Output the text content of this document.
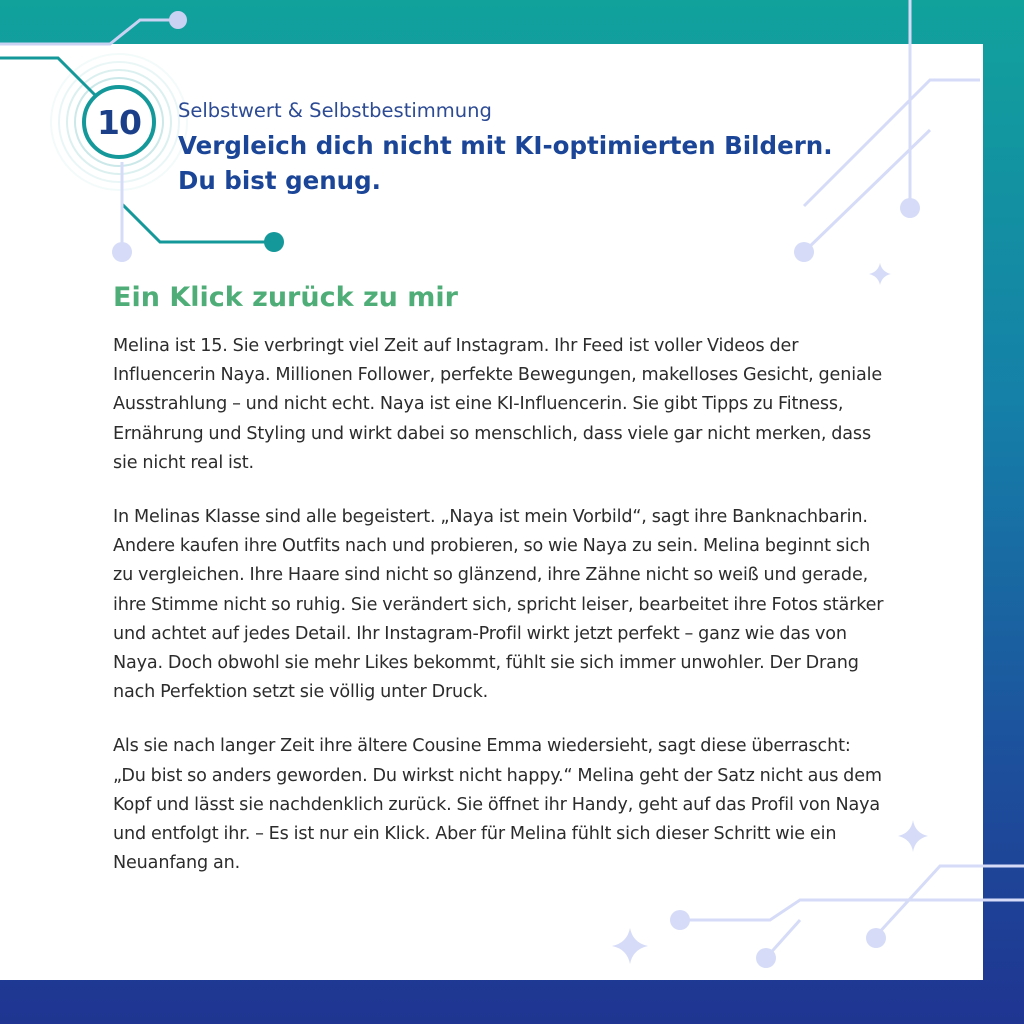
10	Selbstwert & Selbstbestimmung
Vergleich dich nicht mit KI-optimierten Bildern.
Du bist genug.
Ein Klick zurück zu mir

Melina ist 15. Sie verbringt viel Zeit auf Instagram. Ihr Feed ist voller Videos der Influencerin Naya. Millionen Follower, perfekte Bewegungen, makelloses Gesicht, geniale Ausstrahlung – und nicht echt. Naya ist eine KI-Influencerin. Sie gibt Tipps zu Fitness, Ernährung und Styling und wirkt dabei so menschlich, dass viele gar nicht merken, dass sie nicht real ist.

In Melinas Klasse sind alle begeistert. „Naya ist mein Vorbild“, sagt ihre Banknachbarin. Andere kaufen ihre Outfits nach und probieren, so wie Naya zu sein. Melina beginnt sich zu vergleichen. Ihre Haare sind nicht so glänzend, ihre Zähne nicht so weiß und gerade, ihre Stimme nicht so ruhig. Sie verändert sich, spricht leiser, bearbeitet ihre Fotos stärker und achtet auf jedes Detail. Ihr Instagram-Profil wirkt jetzt perfekt – ganz wie das von Naya. Doch obwohl sie mehr Likes bekommt, fühlt sie sich immer unwohler. Der Drang nach Perfektion setzt sie völlig unter Druck.

Als sie nach langer Zeit ihre ältere Cousine Emma wiedersieht, sagt diese überrascht: „Du bist so anders geworden. Du wirkst nicht happy.“ Melina geht der Satz nicht aus dem Kopf und lässt sie nachdenklich zurück. Sie öffnet ihr Handy, geht auf das Profil von Naya und entfolgt ihr. – Es ist nur ein Klick. Aber für Melina fühlt sich dieser Schritt wie ein Neuanfang an.
